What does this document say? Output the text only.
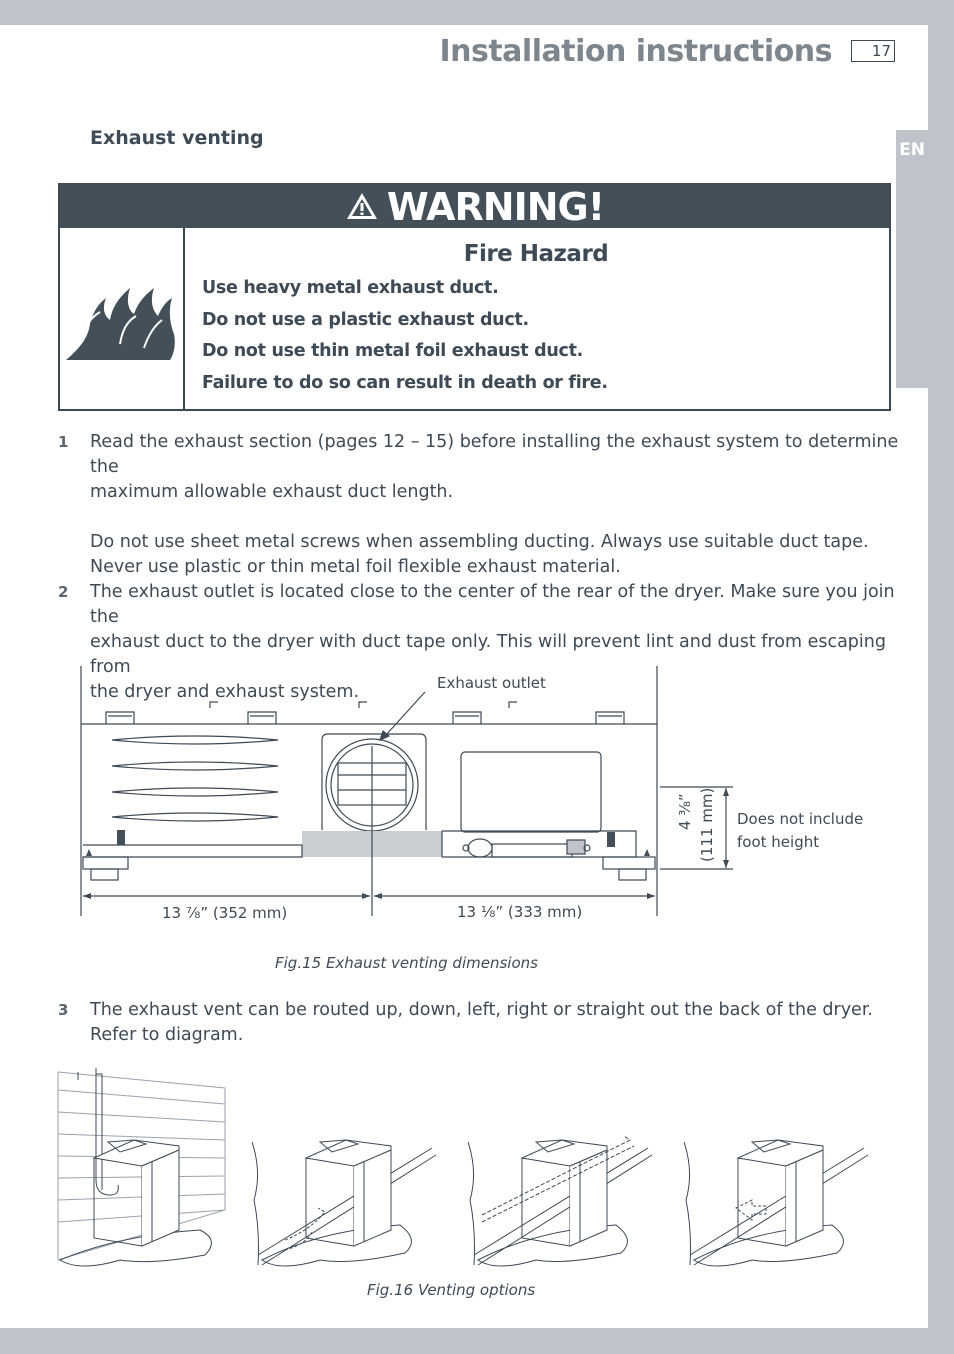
EN
Installation instructions	17
Exhaust venting
WARNING!
Fire Hazard
Use heavy metal exhaust duct.
Do not use a plastic exhaust duct.
Do not use thin metal foil exhaust duct.
Failure to do so can result in death or fire.
1 Read the exhaust section (pages 12 – 15) before installing the exhaust system to determine the
maximum allowable exhaust duct length.
Do not use sheet metal screws when assembling ducting. Always use suitable duct tape.
Never use plastic or thin metal foil flexible exhaust material.
2 The exhaust outlet is located close to the center of the rear of the dryer. Make sure you join the
exhaust duct to the dryer with duct tape only. This will prevent lint and dust from escaping from
the dryer and exhaust system.	Exhaust outlet
13 ⁷⁄₈” (352 mm)	13 ⅛” (333 mm)
4 ³⁄₈” (111 mm) Does not include
foot height
Fig.15 Exhaust venting dimensions
3 The exhaust vent can be routed up, down, left, right or straight out the back of the dryer.
Refer to diagram.
Fig.16 Venting options
